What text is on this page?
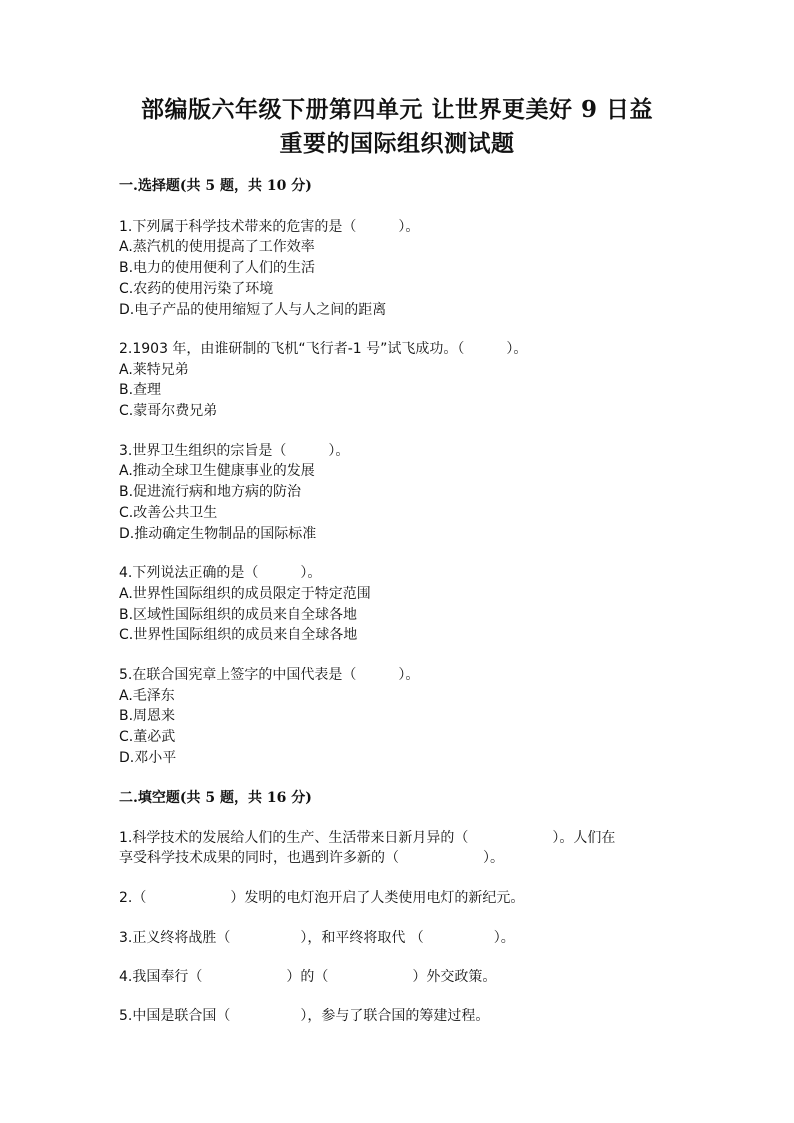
部编版六年级下册第四单元 让世界更美好 9 日益
重要的国际组织测试题
一.选择题(共 5 题，共 10 分)
1.下列属于科学技术带来的危害的是（　　　）。
A.蒸汽机的使用提高了工作效率
B.电力的使用便利了人们的生活
C.农药的使用污染了环境
D.电子产品的使用缩短了人与人之间的距离
2.1903 年，由谁研制的飞机“飞行者-1 号”试飞成功。（　　　）。
A.莱特兄弟
B.查理
C.蒙哥尔费兄弟
3.世界卫生组织的宗旨是（　　　）。
A.推动全球卫生健康事业的发展
B.促进流行病和地方病的防治
C.改善公共卫生
D.推动确定生物制品的国际标准
4.下列说法正确的是（　　　）。
A.世界性国际组织的成员限定于特定范围
B.区域性国际组织的成员来自全球各地
C.世界性国际组织的成员来自全球各地
5.在联合国宪章上签字的中国代表是（　　　）。
A.毛泽东
B.周恩来
C.董必武
D.邓小平
二.填空题(共 5 题，共 16 分)
1.科学技术的发展给人们的生产、生活带来日新月异的（　　　　　　）。人们在
享受科学技术成果的同时，也遇到许多新的（　　　　　　）。
2.（　　　　　　）发明的电灯泡开启了人类使用电灯的新纪元。
3.正义终将战胜（　　　　　），和平终将取代 （　　　　　）。
4.我国奉行（　　　　　　）的（　　　　　　）外交政策。
5.中国是联合国（　　　　　），参与了联合国的筹建过程。
